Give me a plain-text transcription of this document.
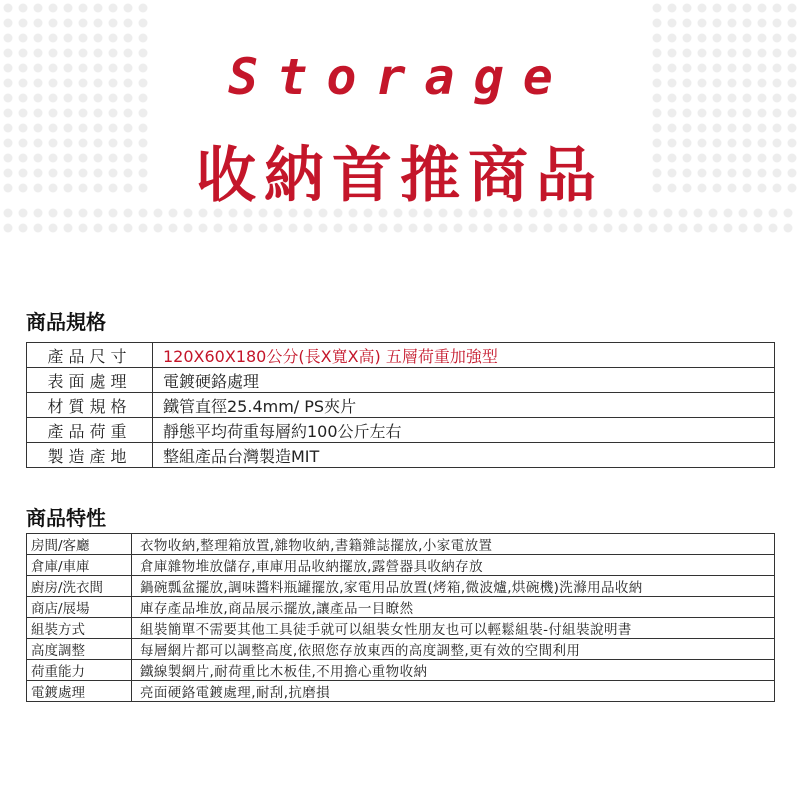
Storage
收納首推商品
商品規格
產品尺寸	120X60X180公分(長X寬X高) 五層荷重加強型
表面處理	電鍍硬鉻處理
材質規格	鐵管直徑25.4mm/ PS夾片
產品荷重	靜態平均荷重每層約100公斤左右
製造產地	整組產品台灣製造MIT
商品特性
房間/客廳	衣物收納,整理箱放置,雜物收納,書籍雜誌擺放,小家電放置
倉庫/車庫	倉庫雜物堆放儲存,車庫用品收納擺放,露營器具收納存放
廚房/洗衣間	鍋碗瓢盆擺放,調味醬料瓶罐擺放,家電用品放置(烤箱,微波爐,烘碗機)洗滌用品收納
商店/展場	庫存產品堆放,商品展示擺放,讓產品一目瞭然
組裝方式	組裝簡單不需要其他工具徒手就可以組裝女性朋友也可以輕鬆組裝-付組裝說明書
高度調整	每層網片都可以調整高度,依照您存放東西的高度調整,更有效的空間利用
荷重能力	鐵線製網片,耐荷重比木板佳,不用擔心重物收納
電鍍處理	亮面硬鉻電鍍處理,耐刮,抗磨損
